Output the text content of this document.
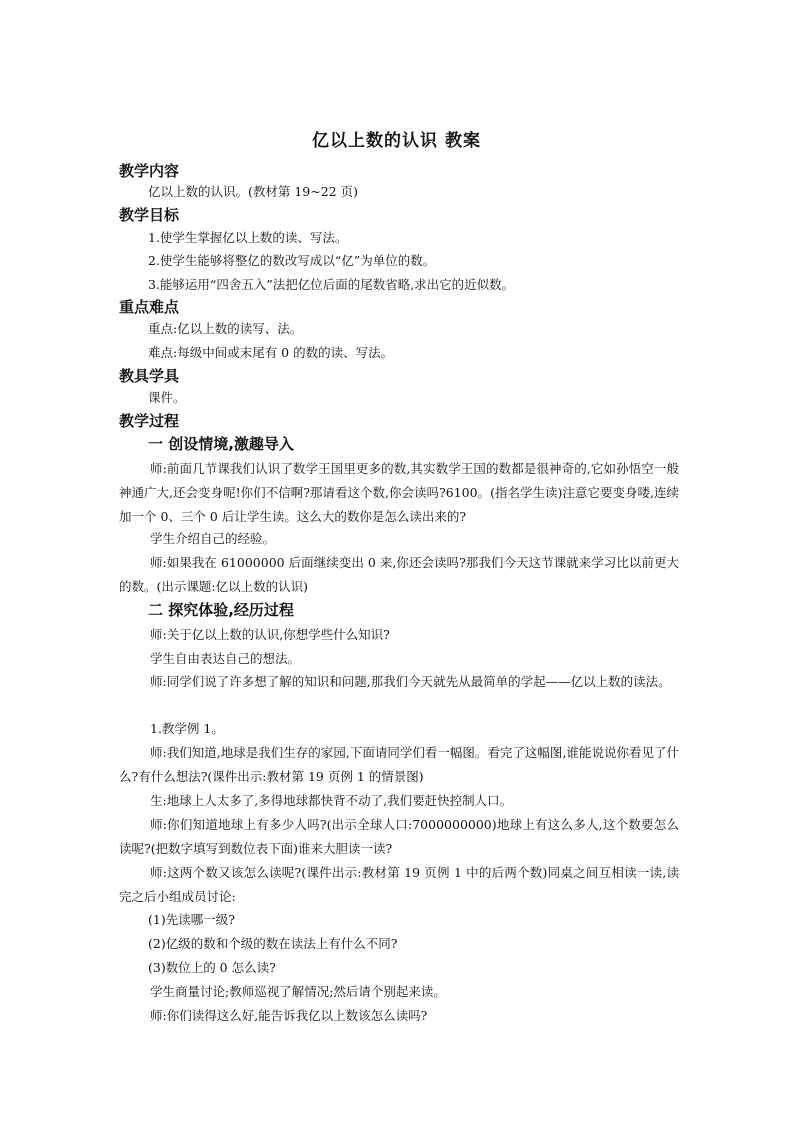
亿以上数的认识 教案
教学内容
亿以上数的认识。(教材第 19~22 页)
教学目标
1.使学生掌握亿以上数的读、写法。
2.使学生能够将整亿的数改写成以“亿”为单位的数。
3.能够运用“四舍五入”法把亿位后面的尾数省略,求出它的近似数。
重点难点
重点:亿以上数的读写、法。
难点:每级中间或末尾有 0 的数的读、写法。
教具学具
课件。
教学过程
一 创设情境,激趣导入
师:前面几节课我们认识了数学王国里更多的数,其实数学王国的数都是很神奇的,它如孙悟空一般神通广大,还会变身呢!你们不信啊?那请看这个数,你会读吗?6100。(指名学生读)注意它要变身喽,连续加一个 0、三个 0 后让学生读。这么大的数你是怎么读出来的?
学生介绍自己的经验。
师:如果我在 61000000 后面继续变出 0 来,你还会读吗?那我们今天这节课就来学习比以前更大的数。(出示课题:亿以上数的认识)
二 探究体验,经历过程
师:关于亿以上数的认识,你想学些什么知识?
学生自由表达自己的想法。
师:同学们说了许多想了解的知识和问题,那我们今天就先从最简单的学起——亿以上数的读法。
1.教学例 1。
师:我们知道,地球是我们生存的家园,下面请同学们看一幅图。看完了这幅图,谁能说说你看见了什么?有什么想法?(课件出示:教材第 19 页例 1 的情景图)
生:地球上人太多了,多得地球都快背不动了,我们要赶快控制人口。
师:你们知道地球上有多少人吗?(出示全球人口:7000000000)地球上有这么多人,这个数要怎么读呢?(把数字填写到数位表下面)谁来大胆读一读?
师:这两个数又该怎么读呢?(课件出示:教材第 19 页例 1 中的后两个数)同桌之间互相读一读,读完之后小组成员讨论:
(1)先读哪一级?
(2)亿级的数和个级的数在读法上有什么不同?
(3)数位上的 0 怎么读?
学生商量讨论;教师巡视了解情况;然后请个别起来读。
师:你们读得这么好,能告诉我亿以上数该怎么读吗?
